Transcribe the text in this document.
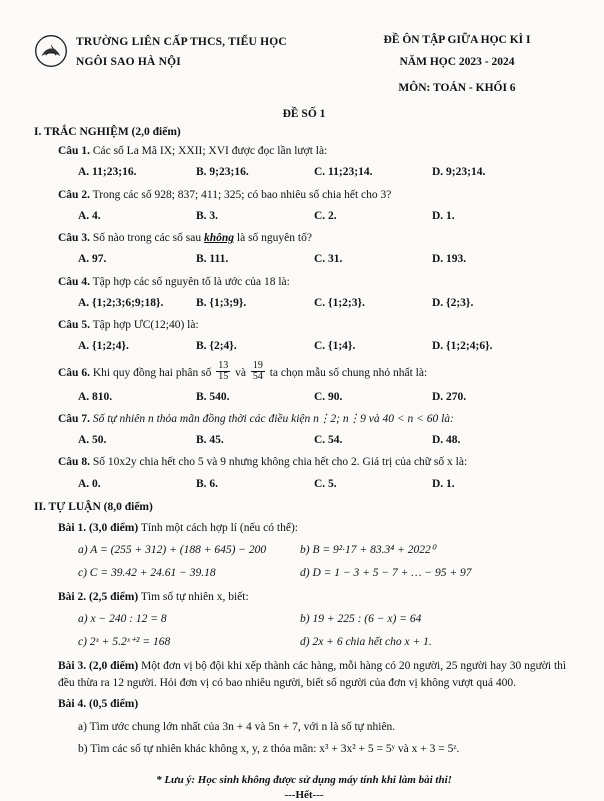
TRƯỜNG LIÊN CẤP THCS, TIỂU HỌC
NGÔI SAO HÀ NỘI
ĐỀ ÔN TẬP GIỮA HỌC KÌ I
NĂM HỌC 2023 - 2024
MÔN: TOÁN - KHỐI 6
ĐỀ SỐ 1
I. TRẮC NGHIỆM (2,0 điểm)
Câu 1. Các số La Mã IX; XXII; XVI được đọc lần lượt là:
A. 11;23;16.	B. 9;23;16.	C. 11;23;14.	D. 9;23;14.
Câu 2. Trong các số 928; 837; 411; 325; có bao nhiêu số chia hết cho 3?
A. 4.	B. 3.	C. 2.	D. 1.
Câu 3. Số nào trong các số sau không là số nguyên tố?
A. 97.	B. 111.	C. 31.	D. 193.
Câu 4. Tập hợp các số nguyên tố là ước của 18 là:
A. {1;2;3;6;9;18}.	B. {1;3;9}.	C. {1;2;3}.	D. {2;3}.
Câu 5. Tập hợp ƯC(12;40) là:
A. {1;2;4}.	B. {2;4}.	C. {1;4}.	D. {1;2;4;6}.
Câu 6. Khi quy đồng hai phân số $\frac{13}{15}$ và $\frac{19}{54}$ ta chọn mẫu số chung nhỏ nhất là:
A. 810.	B. 540.	C. 90.	D. 270.
Câu 7. Số tự nhiên n thỏa mãn đồng thời các điều kiện n⋮2; n⋮9 và 40 < n < 60 là:
A. 50.	B. 45.	C. 54.	D. 48.
Câu 8. Số 10x2y chia hết cho 5 và 9 nhưng không chia hết cho 2. Giá trị của chữ số x là:
A. 0.	B. 6.	C. 5.	D. 1.
II. TỰ LUẬN (8,0 điểm)
Bài 1. (3,0 điểm) Tính một cách hợp lí (nếu có thể):
a) A = (255 + 312) + (188 + 645) − 200	b) B = 9²·17 + 83.3⁴ + 2022⁰
c) C = 39.42 + 24.61 − 39.18	d) D = 1 − 3 + 5 − 7 + … − 95 + 97
Bài 2. (2,5 điểm) Tìm số tự nhiên x, biết:
a) x − 240 : 12 = 8	b) 19 + 225 : (6 − x) = 64
c) 2ˣ + 5.2ˣ⁺² = 168	d) 2x + 6 chia hết cho x + 1.
Bài 3. (2,0 điểm) Một đơn vị bộ đội khi xếp thành các hàng, mỗi hàng có 20 người, 25 người hay 30 người thì đều thừa ra 12 người. Hỏi đơn vị có bao nhiêu người, biết số người của đơn vị không vượt quá 400.
Bài 4. (0,5 điểm)
a) Tìm ước chung lớn nhất của 3n + 4 và 5n + 7, với n là số tự nhiên.
b) Tìm các số tự nhiên khác không x, y, z thỏa mãn: x³ + 3x² + 5 = 5ʸ và x + 3 = 5ᶻ.
* Lưu ý: Học sinh không được sử dụng máy tính khi làm bài thi!
---Hết---
